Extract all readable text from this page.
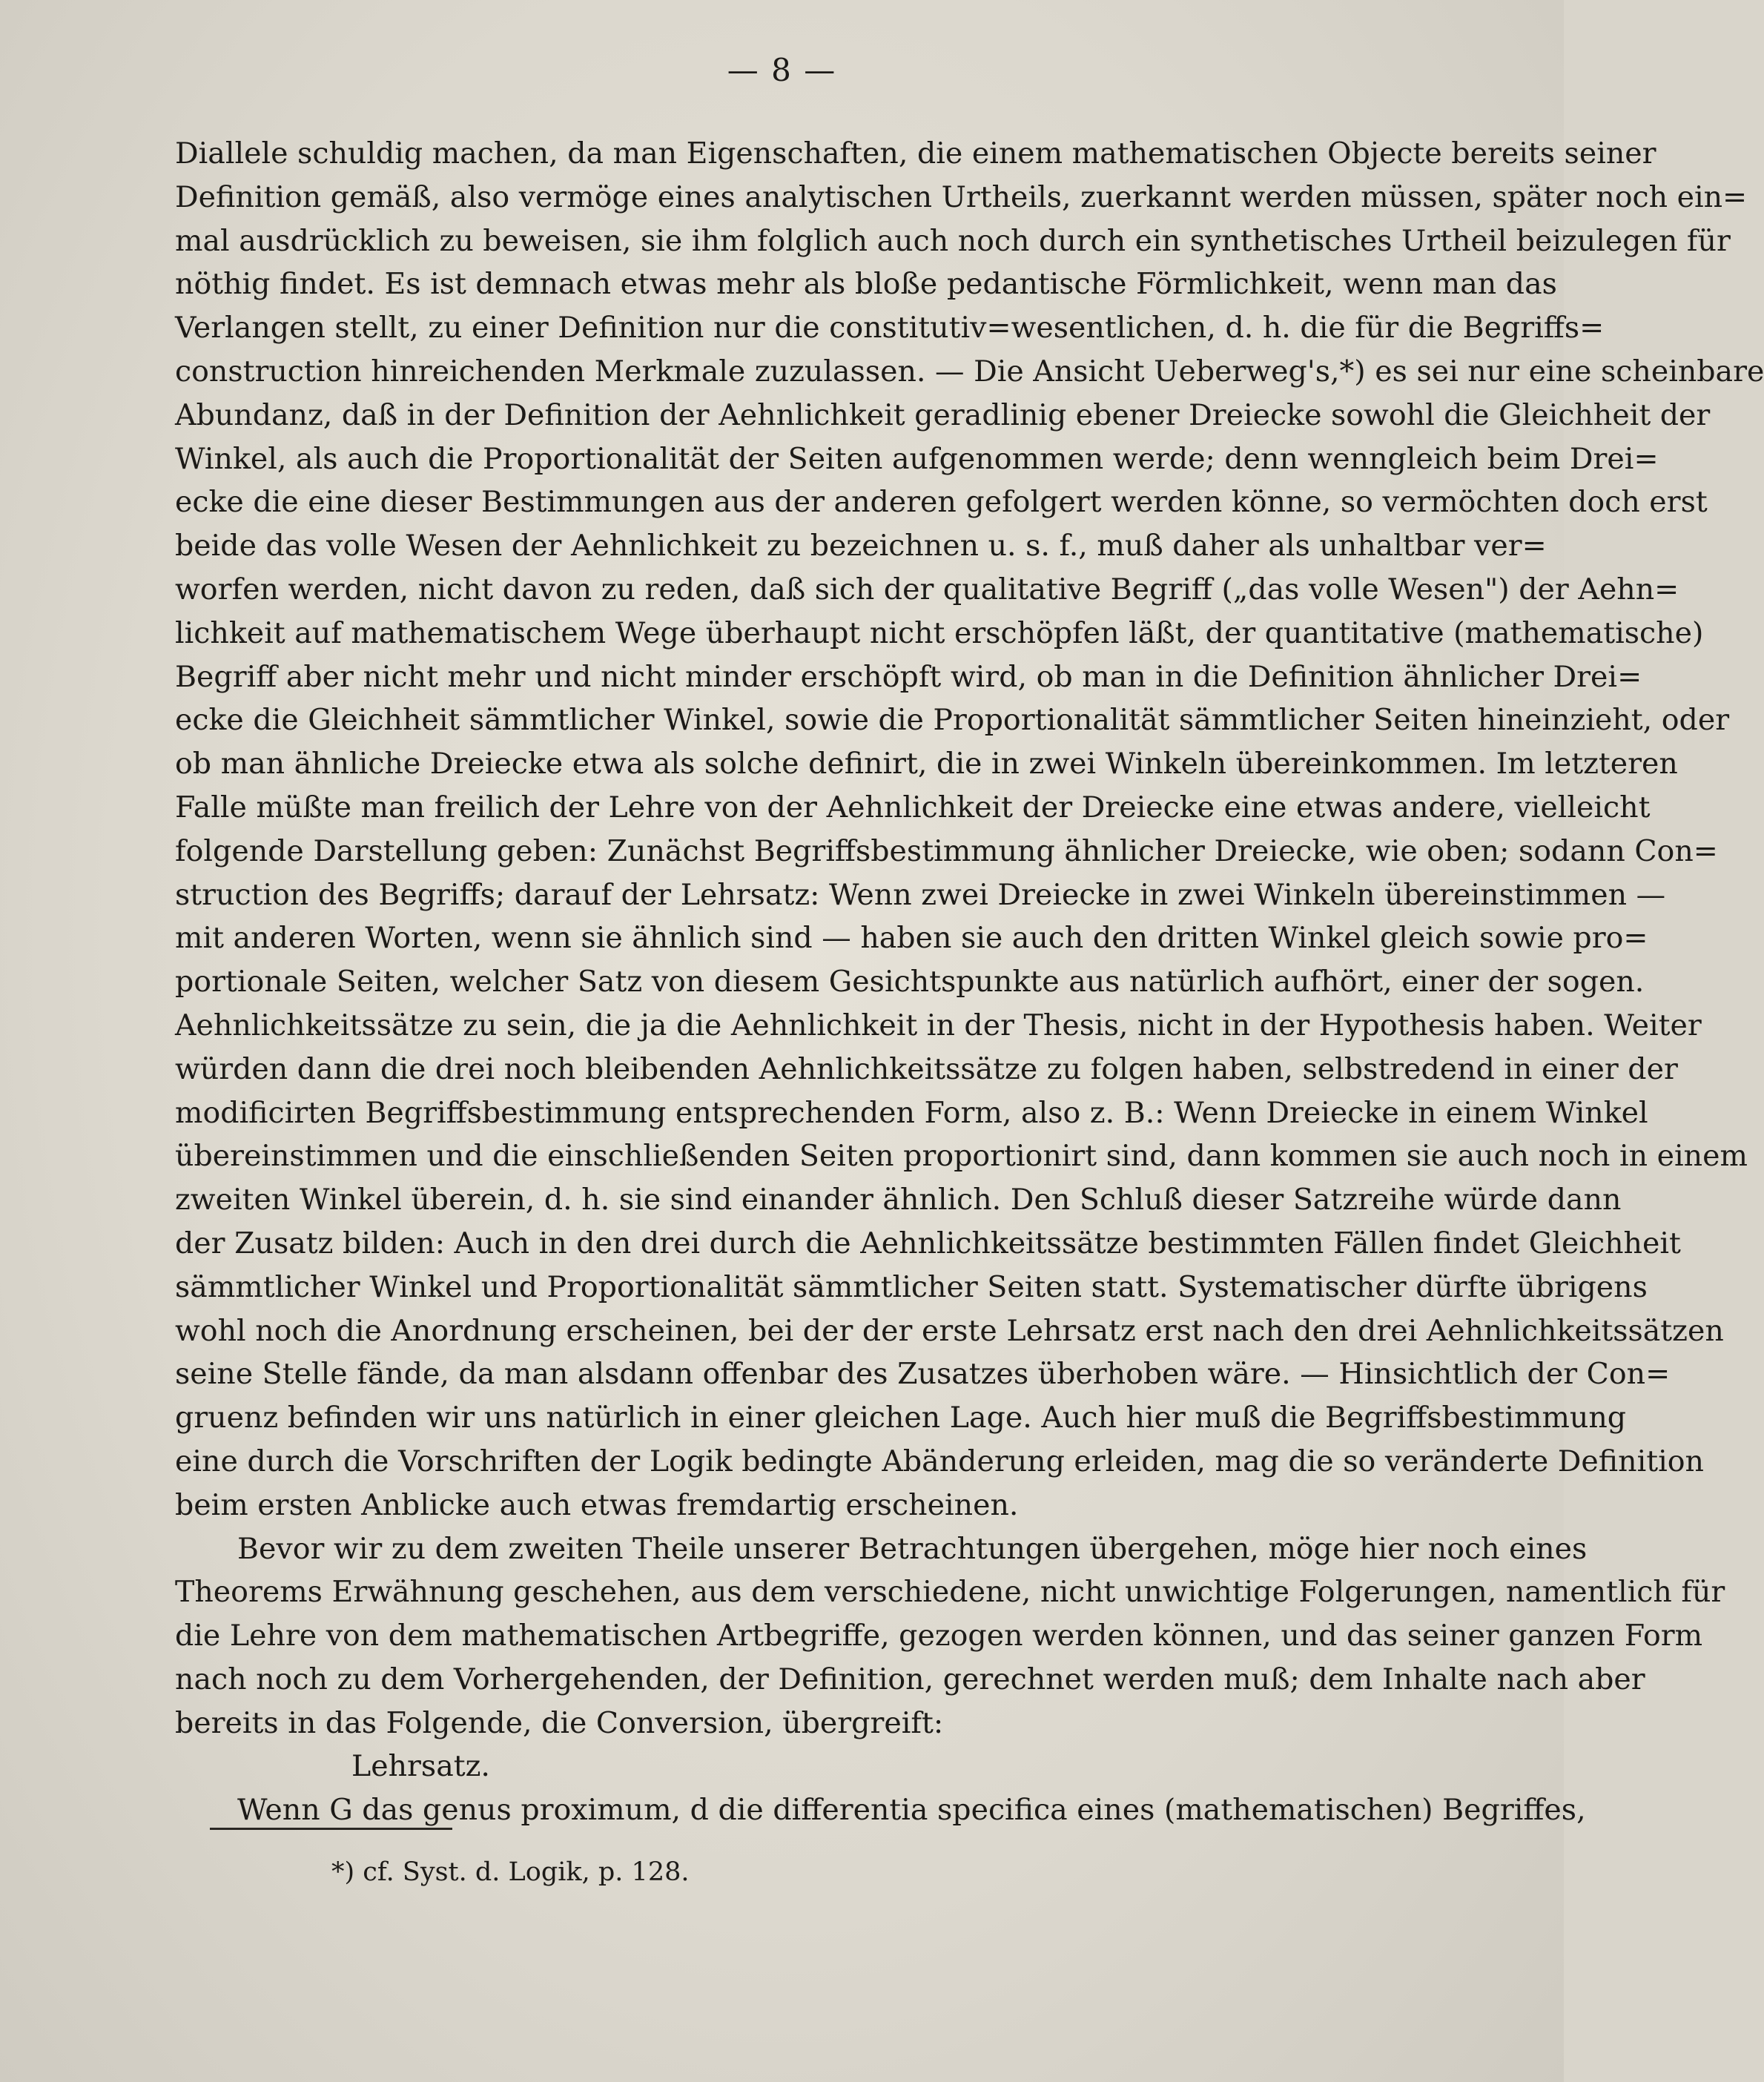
— 8 —
Diallele schuldig machen, da man Eigenschaften, die einem mathematischen Objecte bereits seiner
Definition gemäß, also vermöge eines analytischen Urtheils, zuerkannt werden müssen, später noch ein=
mal ausdrücklich zu beweisen, sie ihm folglich auch noch durch ein synthetisches Urtheil beizulegen für
nöthig findet. Es ist demnach etwas mehr als bloße pedantische Förmlichkeit, wenn man das
Verlangen stellt, zu einer Definition nur die constitutiv=wesentlichen, d. h. die für die Begriffs=
construction hinreichenden Merkmale zuzulassen. — Die Ansicht Ueberweg's,*) es sei nur eine scheinbare
Abundanz, daß in der Definition der Aehnlichkeit geradlinig ebener Dreiecke sowohl die Gleichheit der
Winkel, als auch die Proportionalität der Seiten aufgenommen werde; denn wenngleich beim Drei=
ecke die eine dieser Bestimmungen aus der anderen gefolgert werden könne, so vermöchten doch erst
beide das volle Wesen der Aehnlichkeit zu bezeichnen u. s. f., muß daher als unhaltbar ver=
worfen werden, nicht davon zu reden, daß sich der qualitative Begriff („das volle Wesen") der Aehn=
lichkeit auf mathematischem Wege überhaupt nicht erschöpfen läßt, der quantitative (mathematische)
Begriff aber nicht mehr und nicht minder erschöpft wird, ob man in die Definition ähnlicher Drei=
ecke die Gleichheit sämmtlicher Winkel, sowie die Proportionalität sämmtlicher Seiten hineinzieht, oder
ob man ähnliche Dreiecke etwa als solche definirt, die in zwei Winkeln übereinkommen. Im letzteren
Falle müßte man freilich der Lehre von der Aehnlichkeit der Dreiecke eine etwas andere, vielleicht
folgende Darstellung geben: Zunächst Begriffsbestimmung ähnlicher Dreiecke, wie oben; sodann Con=
struction des Begriffs; darauf der Lehrsatz: Wenn zwei Dreiecke in zwei Winkeln übereinstimmen —
mit anderen Worten, wenn sie ähnlich sind — haben sie auch den dritten Winkel gleich sowie pro=
portionale Seiten, welcher Satz von diesem Gesichtspunkte aus natürlich aufhört, einer der sogen.
Aehnlichkeitssätze zu sein, die ja die Aehnlichkeit in der Thesis, nicht in der Hypothesis haben. Weiter
würden dann die drei noch bleibenden Aehnlichkeitssätze zu folgen haben, selbstredend in einer der
modificirten Begriffsbestimmung entsprechenden Form, also z. B.: Wenn Dreiecke in einem Winkel
übereinstimmen und die einschließenden Seiten proportionirt sind, dann kommen sie auch noch in einem
zweiten Winkel überein, d. h. sie sind einander ähnlich. Den Schluß dieser Satzreihe würde dann
der Zusatz bilden: Auch in den drei durch die Aehnlichkeitssätze bestimmten Fällen findet Gleichheit
sämmtlicher Winkel und Proportionalität sämmtlicher Seiten statt. Systematischer dürfte übrigens
wohl noch die Anordnung erscheinen, bei der der erste Lehrsatz erst nach den drei Aehnlichkeitssätzen
seine Stelle fände, da man alsdann offenbar des Zusatzes überhoben wäre. — Hinsichtlich der Con=
gruenz befinden wir uns natürlich in einer gleichen Lage. Auch hier muß die Begriffsbestimmung
eine durch die Vorschriften der Logik bedingte Abänderung erleiden, mag die so veränderte Definition
beim ersten Anblicke auch etwas fremdartig erscheinen.
Bevor wir zu dem zweiten Theile unserer Betrachtungen übergehen, möge hier noch eines
Theorems Erwähnung geschehen, aus dem verschiedene, nicht unwichtige Folgerungen, namentlich für
die Lehre von dem mathematischen Artbegriffe, gezogen werden können, und das seiner ganzen Form
nach noch zu dem Vorhergehenden, der Definition, gerechnet werden muß; dem Inhalte nach aber
bereits in das Folgende, die Conversion, übergreift:
Lehrsatz.
Wenn G das genus proximum, d die differentia specifica eines (mathematischen) Begriffes,
*) cf. Syst. d. Logik, p. 128.
